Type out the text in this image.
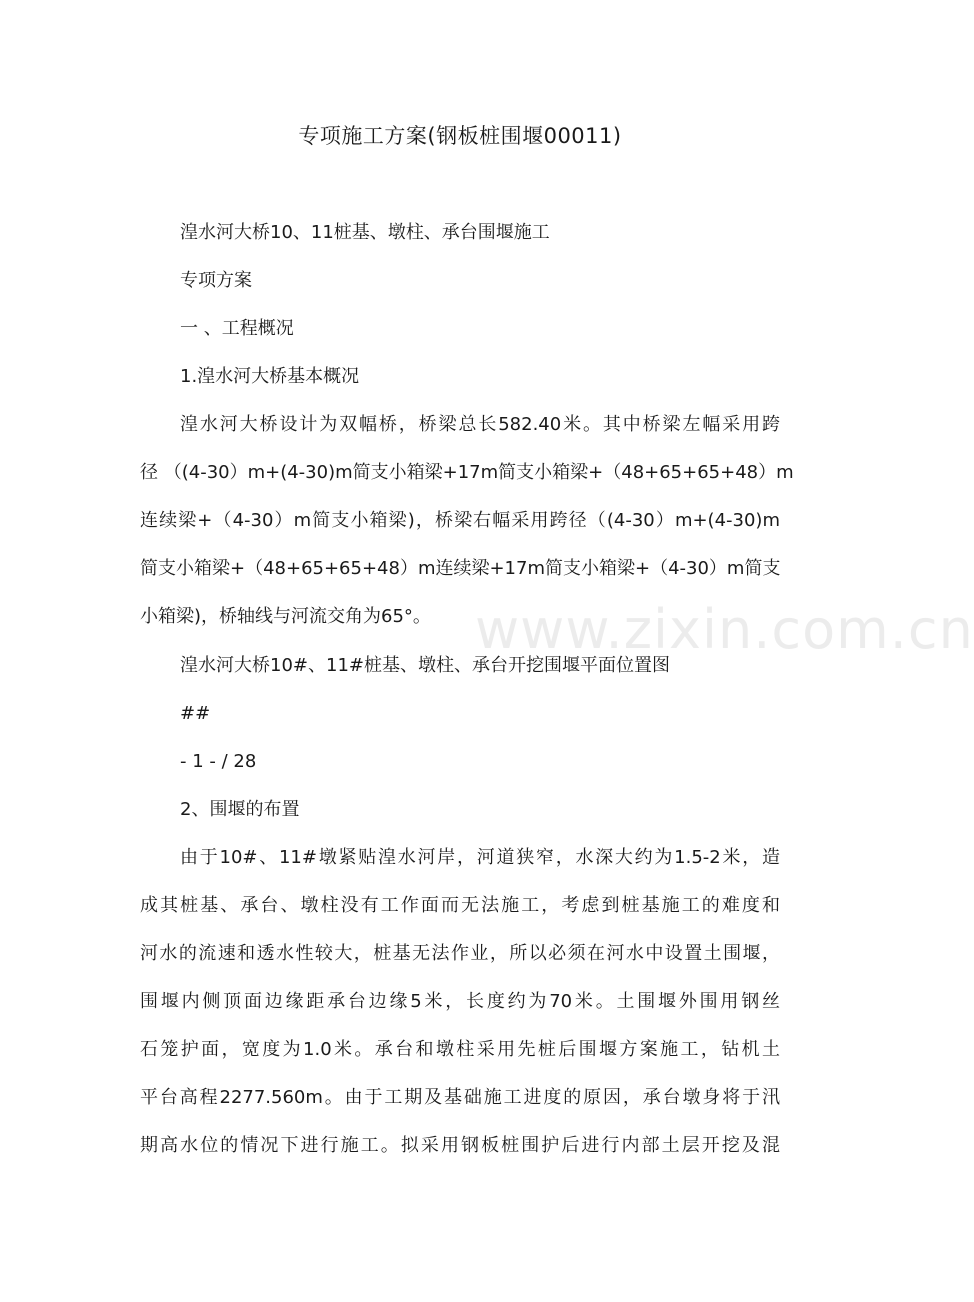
www.zixin.com.cn
专项施工方案(钢板桩围堰00011)
湟水河大桥10、11桩基、墩柱、承台围堰施工
专项方案
一 、工程概况
1.湟水河大桥基本概况
湟水河大桥设计为双幅桥，桥梁总长582.40米。其中桥梁左幅采用跨
径 （(4-30）m+(4-30)m简支小箱梁+17m简支小箱梁+（48+65+65+48）m
连续梁+（4-30）m简支小箱梁)，桥梁右幅采用跨径（(4-30）m+(4-30)m
简支小箱梁+（48+65+65+48）m连续梁+17m简支小箱梁+（4-30）m简支
小箱梁)，桥轴线与河流交角为65°。
湟水河大桥10#、11#桩基、墩柱、承台开挖围堰平面位置图
##
- 1 - / 28
2、围堰的布置
由于10#、11#墩紧贴湟水河岸，河道狭窄，水深大约为1.5-2米，造
成其桩基、承台、墩柱没有工作面而无法施工，考虑到桩基施工的难度和
河水的流速和透水性较大，桩基无法作业，所以必须在河水中设置土围堰，
围堰内侧顶面边缘距承台边缘5米，长度约为70米。土围堰外围用钢丝
石笼护面，宽度为1.0米。承台和墩柱采用先桩后围堰方案施工，钻机土
平台高程2277.560m。由于工期及基础施工进度的原因，承台墩身将于汛
期高水位的情况下进行施工。拟采用钢板桩围护后进行内部土层开挖及混
